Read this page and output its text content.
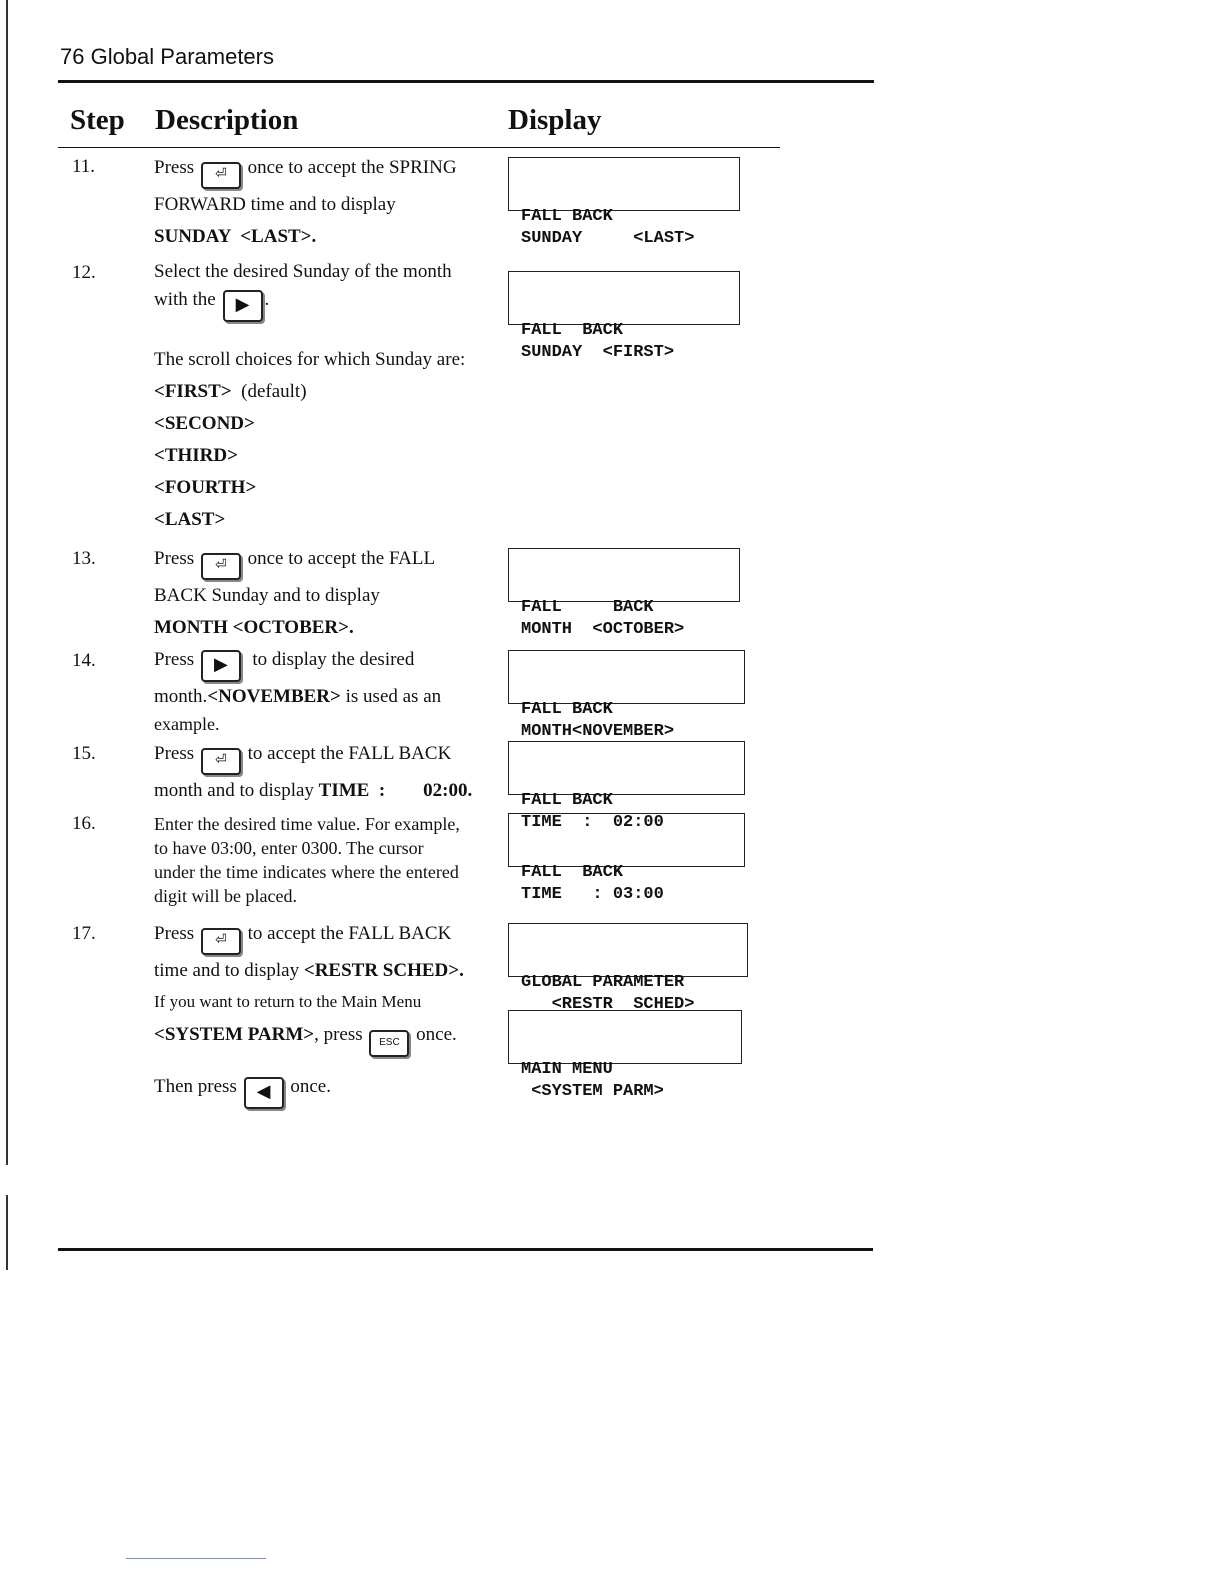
76 Global Parameters
Step Description	Display
11.	Press ⏎ once to accept the SPRING
FORWARD time and to display
SUNDAY  <LAST>.

FALL BACK
SUNDAY     <LAST>

12.	Select the desired Sunday of the month
with the ▶ .
The scroll choices for which Sunday are:
<FIRST> (default)
<SECOND>
<THIRD>
<FOURTH>
<LAST>

FALL  BACK
SUNDAY  <FIRST>

13.	Press ⏎ once to accept the FALL
BACK Sunday and to display
MONTH <OCTOBER>.

FALL     BACK
MONTH  <OCTOBER>

14.	Press ▶ to display the desired
month.<NOVEMBER> is used as an
example.

FALL BACK
MONTH<NOVEMBER>

15.	Press ⏎ to accept the FALL BACK
month and to display TIME  : 02:00.

	FALL BACK
TIME  :  02:00

16.	Enter the desired time value. For example,
to have 03:00, enter 0300. The cursor
under the time indicates where the entered
digit will be placed.

FALL  BACK
TIME   : 03:00

17.	Press ⏎ to accept the FALL BACK
time and to display <RESTR SCHED>.
If you want to return to the Main Menu
<SYSTEM PARM>, press ESC once.
Then press ◀ once.

GLOBAL PARAMETER
<RESTR  SCHED>

MAIN MENU
<SYSTEM PARM>
